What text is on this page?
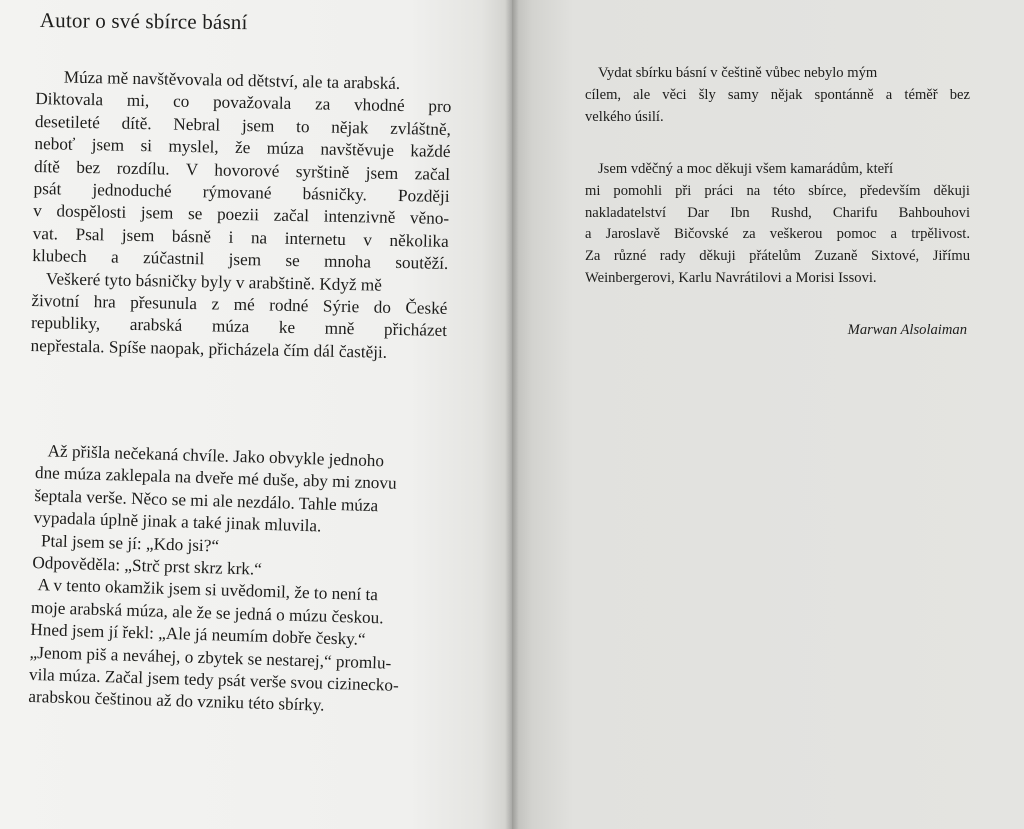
Autor o své sbírce básní
Múza mě navštěvovala od dětství, ale ta arabská.
Diktovala mi, co považovala za vhodné pro
desetileté dítě. Nebral jsem to nějak zvláštně,
neboť jsem si myslel, že múza navštěvuje každé
dítě bez rozdílu. V hovorové syrštině jsem začal
psát jednoduché rýmované básničky. Později
v dospělosti jsem se poezii začal intenzivně věno-
vat. Psal jsem básně i na internetu v několika
klubech a zúčastnil jsem se mnoha soutěží.
Veškeré tyto básničky byly v arabštině. Když mě
životní hra přesunula z mé rodné Sýrie do České
republiky, arabská múza ke mně přicházet
nepřestala. Spíše naopak, přicházela čím dál častěji.
Až přišla nečekaná chvíle. Jako obvykle jednoho
dne múza zaklepala na dveře mé duše, aby mi znovu
šeptala verše. Něco se mi ale nezdálo. Tahle múza
vypadala úplně jinak a také jinak mluvila.
Ptal jsem se jí: „Kdo jsi?“
Odpověděla: „Strč prst skrz krk.“
A v tento okamžik jsem si uvědomil, že to není ta
moje arabská múza, ale že se jedná o múzu českou.
Hned jsem jí řekl: „Ale já neumím dobře česky.“
„Jenom piš a neváhej, o zbytek se nestarej,“ promlu-
vila múza. Začal jsem tedy psát verše svou cizinecko-
arabskou češtinou až do vzniku této sbírky.
Vydat sbírku básní v češtině vůbec nebylo mým
cílem, ale věci šly samy nějak spontánně a téměř bez
velkého úsilí.
Jsem vděčný a moc děkuji všem kamarádům, kteří
mi pomohli při práci na této sbírce, především děkuji
nakladatelství Dar Ibn Rushd, Charifu Bahbouhovi
a Jaroslavě Bičovské za veškerou pomoc a trpělivost.
Za různé rady děkuji přátelům Zuzaně Sixtové, Jiřímu
Weinbergerovi, Karlu Navrátilovi a Morisi Issovi.
Marwan Alsolaiman
